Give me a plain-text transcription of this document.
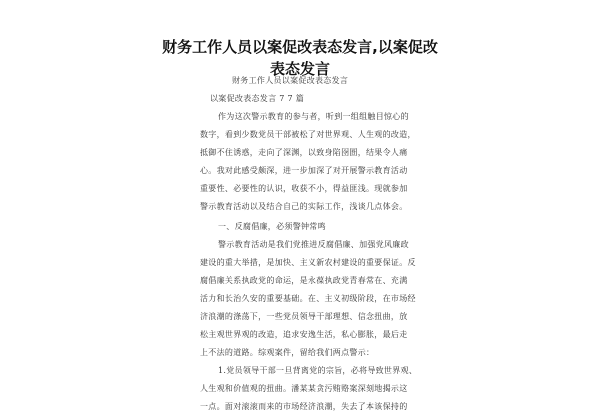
财务工作人员以案促改表态发言,以案促改
表态发言
财务工作人员以案促改表态发言
以案促改表态发言 7 7 篇
作为这次警示教育的参与者，听到一组组触目惊心的
数字，看到少数党员干部被松了对世界观、人生观的改造，
抵御不住诱惑，走向了深渊，以致身陷囹圄，结果令人痛
心。我对此感受颇深，进一步加深了对开展警示教育活动
重要性、必要性的认识，收获不小，得益匪浅。现就参加
警示教育活动以及结合自己的实际工作，浅谈几点体会。
一、反腐倡廉，必须警钟常鸣
警示教育活动是我们党推进反腐倡廉、加强党风廉政
建设的重大举措，是加快、主义新农村建设的重要保证。反
腐倡廉关系执政党的命运，是永葆执政党青春常在、充满
活力和长治久安的重要基础。在、主义初级阶段，在市场经
济浪潮的涤荡下，一些党员领导干部理想、信念扭曲，放
松主观世界观的改造，追求安逸生活，私心膨胀，最后走
上不法的道路。综观案件，留给我们两点警示：
1.党员领导干部一旦背离党的宗旨，必将导致世界观、
人生观和价值观的扭曲。潘某某贪污贿赂案深刻地揭示这
一点。面对滚滚而来的市场经济浪潮，失去了本该保持的
